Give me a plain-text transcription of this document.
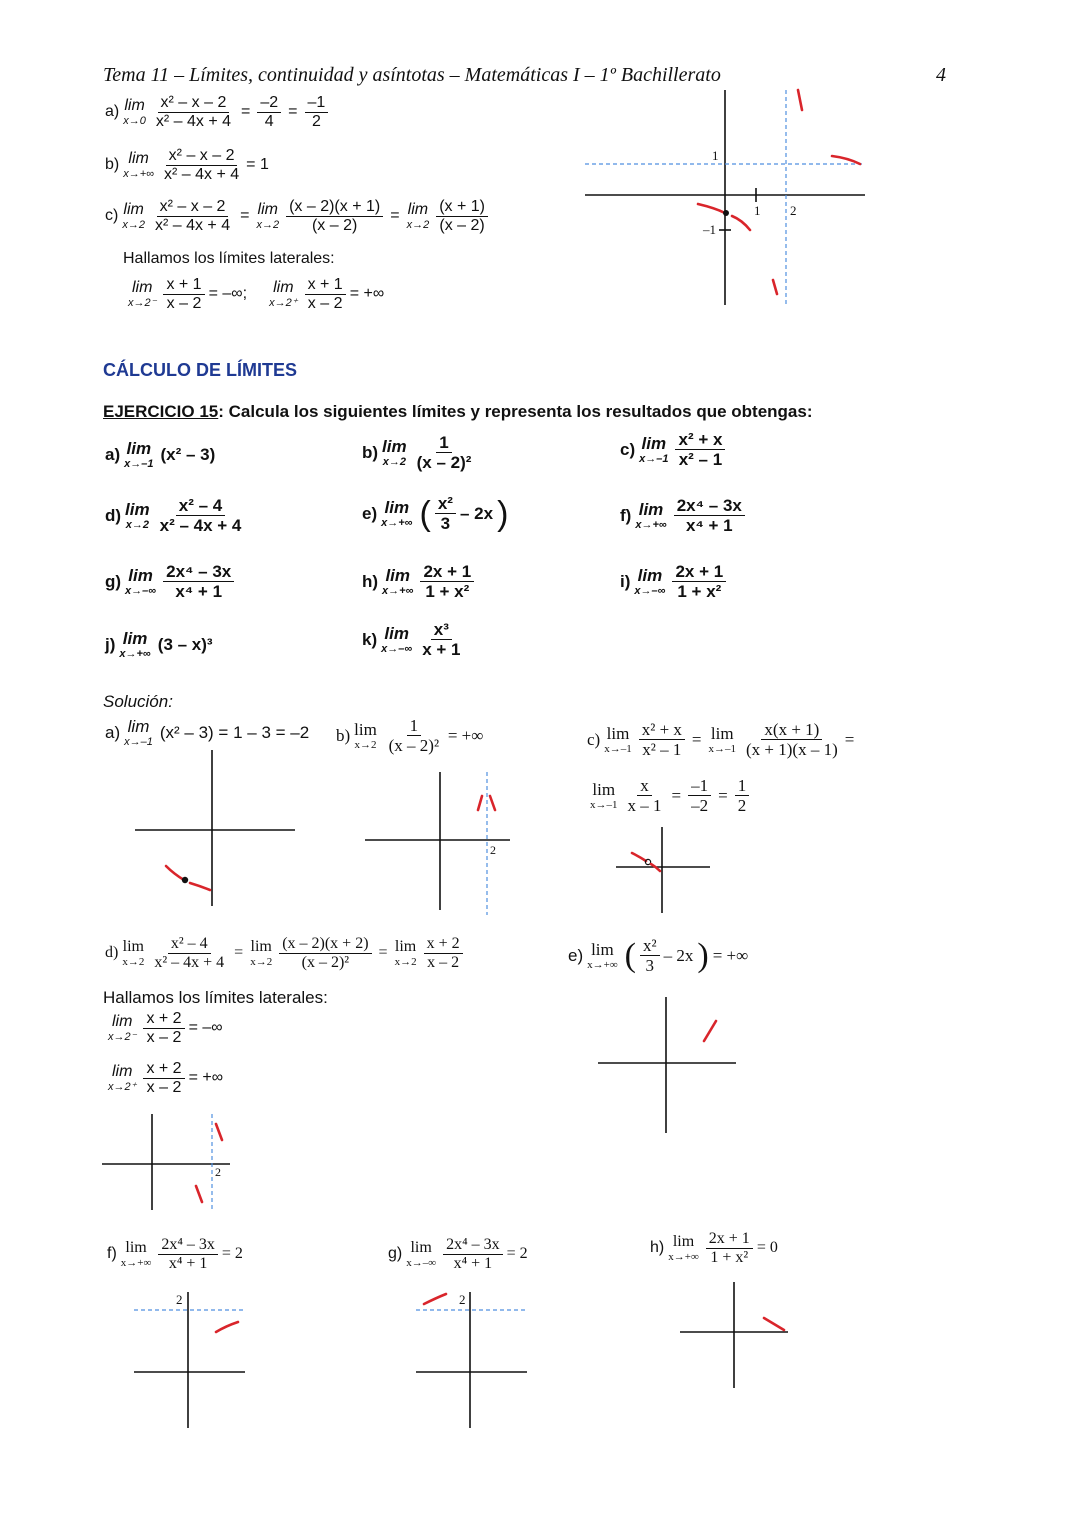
Tema 11 – Límites, continuidad y asíntotas – Matemáticas I – 1º Bachillerato	4
a) lim
$x\to 0 \frac{\text{x² – x – 2}}{\text{x² – 4x + 4}} = \frac{-2}{4} = \frac{-1}{2}$
b) lim
$x\to+\infty \frac{\text{x² – x – 2}}{\text{x² – 4x + 4}} = 1$
c) lim
$x\to 2 \frac{\text{x² – x – 2}}{\text{x² – 4x + 4}} = \lim$
$x\to 2 \frac{(x - 2)(x + 1)}{(x - 2)} = \lim$
$x\to 2 \frac{(x + 1)}{(x - 2)}$
Hallamos los límites laterales:
lim
$x\to 2^- \frac{x + 1}{x - 2}$ = –∞; lim
$x\to 2^+ \frac{x + 1}{x - 2}$ = +∞
1
–1
1 2
CÁLCULO DE LÍMITES
EJERCICIO 15: Calcula los siguientes límites y representa los resultados que obtengas:
a) lim
x→–1 (x² – 3)	b) lim
$x\to 2 \frac{1}{\text{(x – 2)²}}$	c) lim
$x\to-1 \frac{\text{x² + x}}{\text{x² – 1}}$
d) lim
$x\to 2 \frac{\text{x² – 4}}{\text{x² – 4x + 4}}$	e) lim
x→+∞ ( $\frac{\text{x²}}{3} - 2x$ )	f) lim
$x\to+\infty \frac{\text{2x⁴ – 3x}}{\text{x⁴ + 1}}$
g) lim
$x\to-\infty \frac{\text{2x⁴ – 3x}}{\text{x⁴ + 1}}$	h) lim
$x\to+\infty \frac{2x + 1}{\text{1 + x²}}$	i) lim
$x\to-\infty \frac{2x + 1}{\text{1 + x²}}$
j) lim
x→+∞ (3 – x)³	k) lim
$x\to-\infty \frac{\text{x³}}{x + 1}$
Solución:
a) lim
x→–1 (x² – 3) = 1 – 3 = –2 b) lim
$x\to 2 \frac{1}{\text{(x – 2)²}}$ = +∞
2
c) lim
$x\to-1 \frac{\text{x² + x}}{\text{x² – 1}} = \lim$
$x\to-1 \frac{x(x + 1)}{(x + 1)(x - 1)}$ =
lim
$x\to-1 \frac{x}{x - 1} = \frac{-1}{-2} = \frac{1}{2}$
d) lim
$x\to 2 \frac{\text{x² – 4}}{\text{x² – 4x + 4}} = \lim$
$x\to 2 \frac{(x - 2)(x + 2)}{\text{(x – 2)²}} = \lim$
$x\to 2 \frac{x + 2}{x - 2}$
Hallamos los límites laterales:
lim
$x\to 2^- \frac{x + 2}{x - 2}$ = –∞
lim
$x\to 2^+ \frac{x + 2}{x - 2}$ = +∞
2
e) lim
x→+∞ ( $\frac{\text{x²}}{3} - 2x$ ) = +∞
f) lim
$x\to+\infty \frac{\text{2x⁴ – 3x}}{\text{x⁴ + 1}} = 2$
2
g) lim
$x\to-\infty \frac{\text{2x⁴ – 3x}}{\text{x⁴ + 1}} = 2$
2
h) lim
$x\to+\infty \frac{2x + 1}{\text{1 + x²}} = 0$
